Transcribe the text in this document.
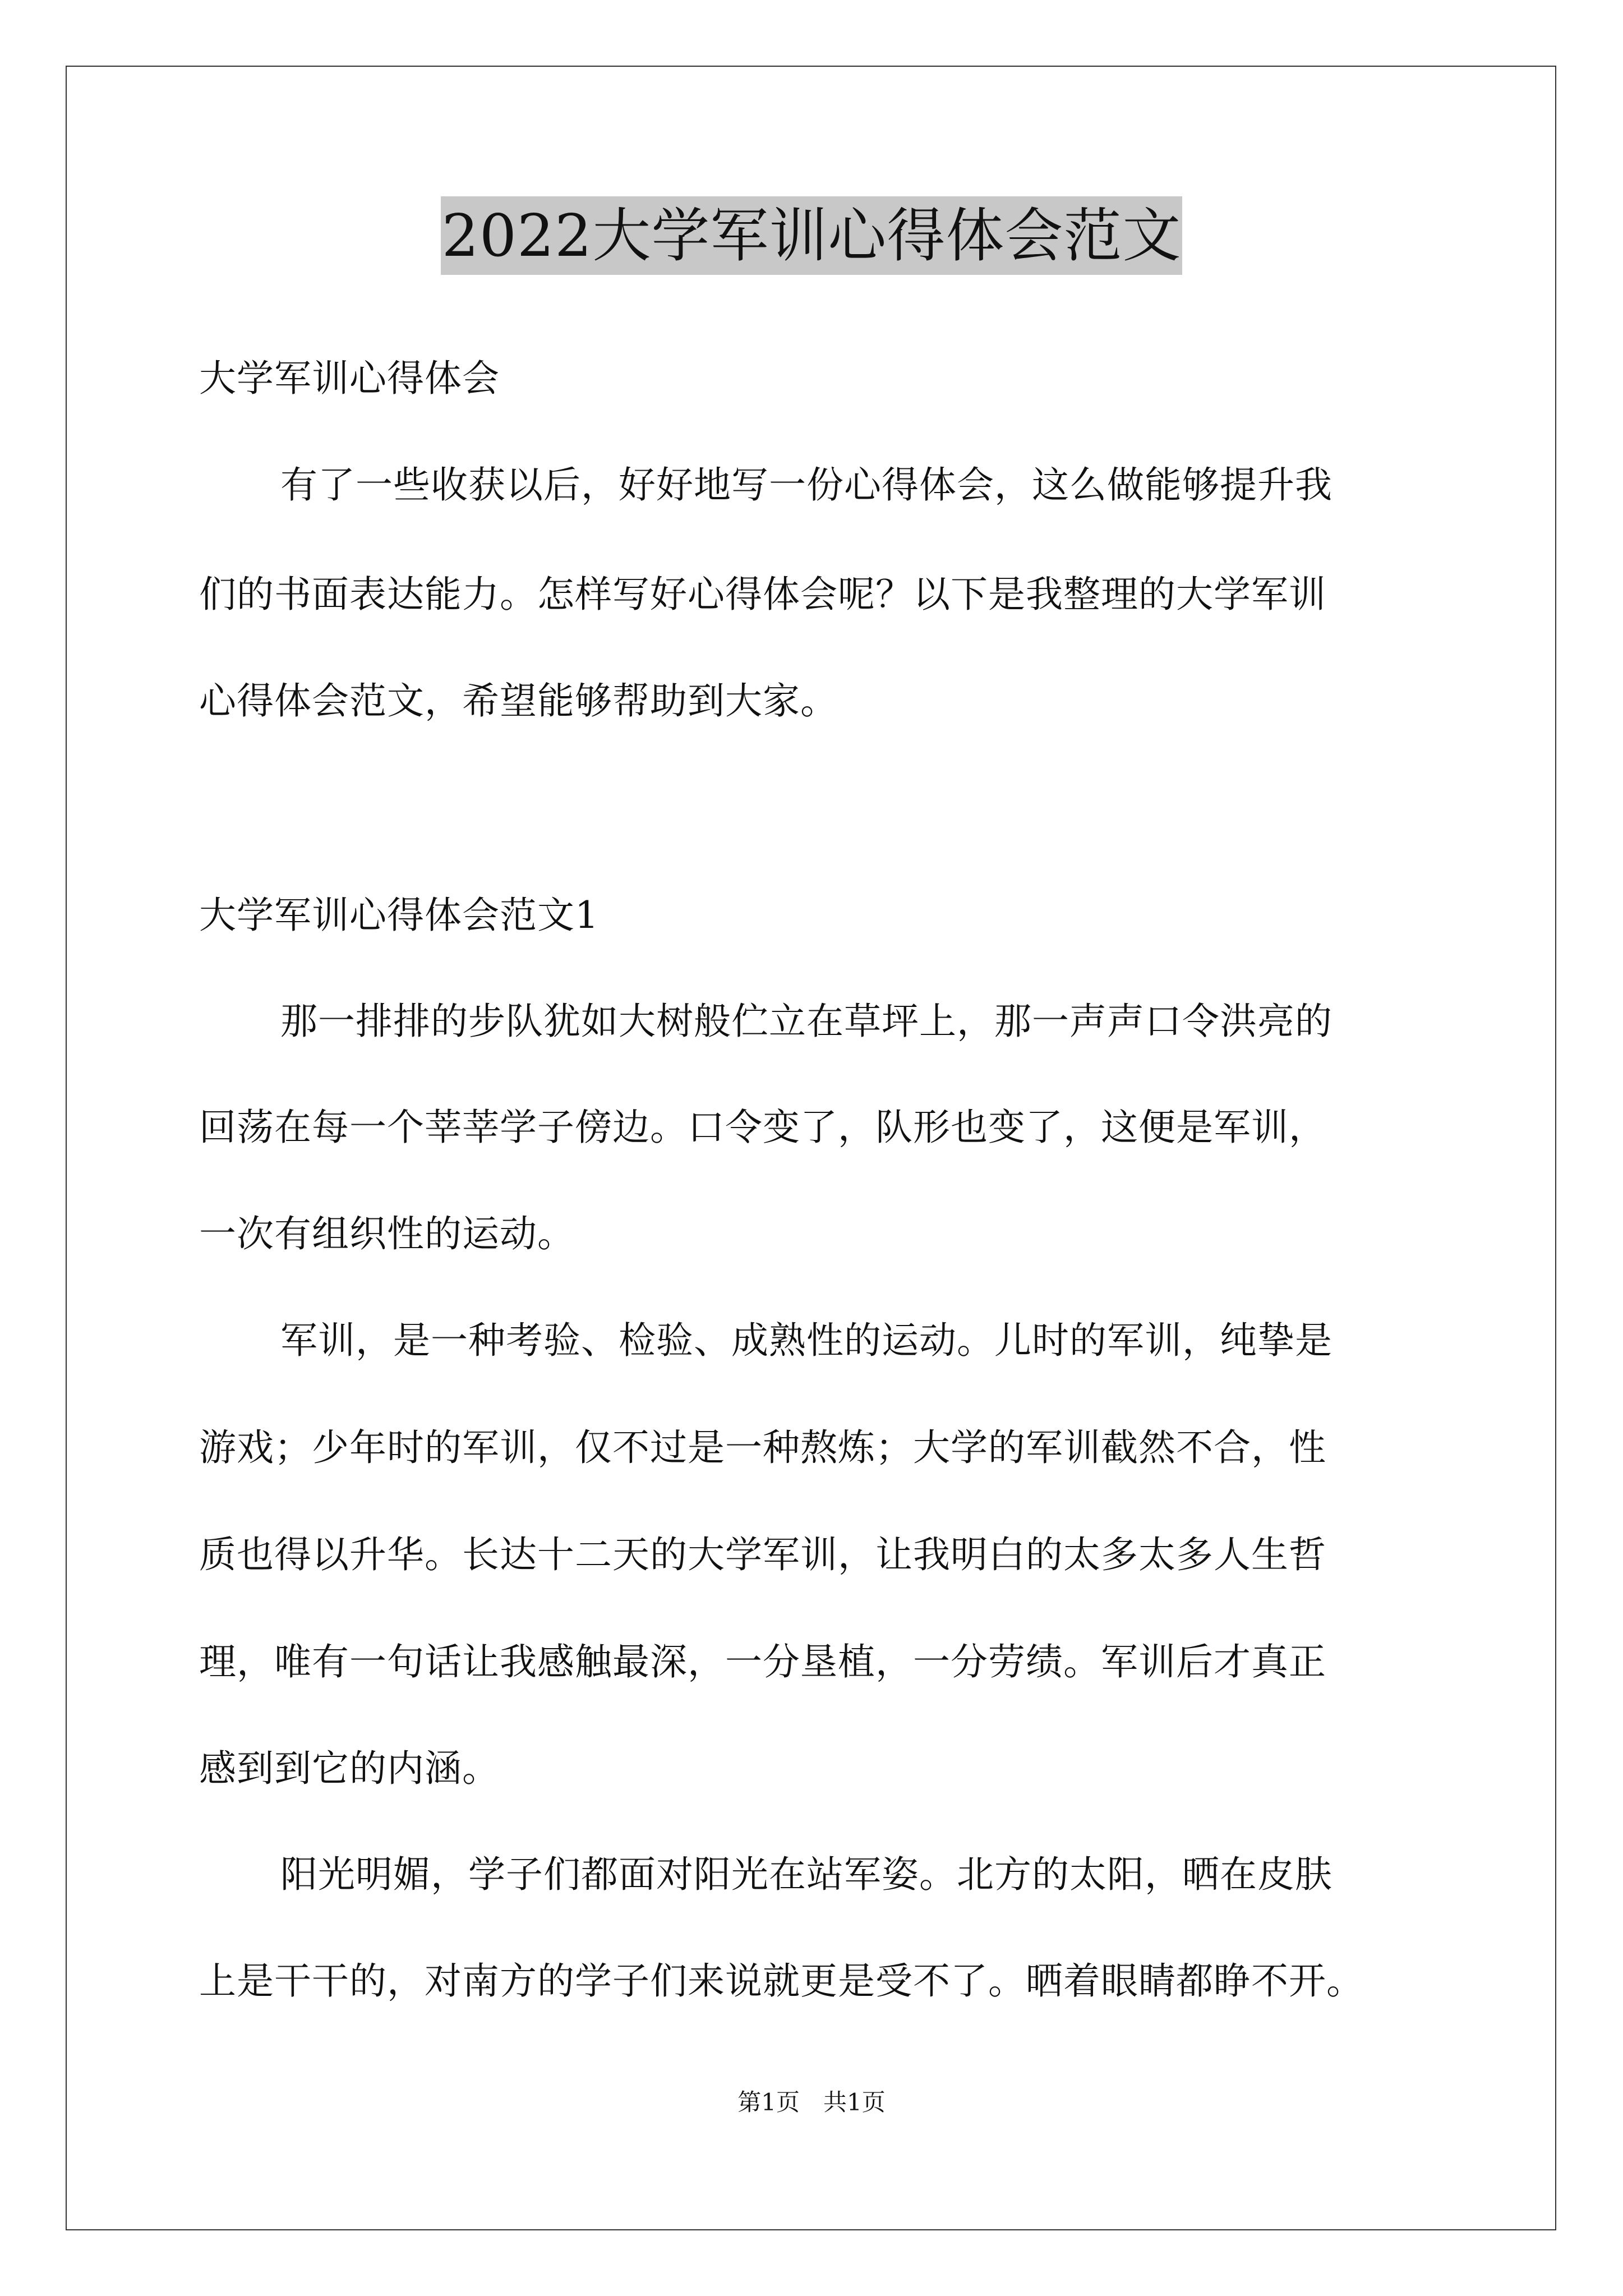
2022大学军训心得体会范文
大学军训心得体会
有了一些收获以后，好好地写一份心得体会，这么做能够提升我
们的书面表达能力。怎样写好心得体会呢？以下是我整理的大学军训
心得体会范文，希望能够帮助到大家。
大学军训心得体会范文1
那一排排的步队犹如大树般伫立在草坪上，那一声声口令洪亮的
回荡在每一个莘莘学子傍边。口令变了，队形也变了，这便是军训，
一次有组织性的运动。
军训，是一种考验、检验、成熟性的运动。儿时的军训，纯挚是
游戏；少年时的军训，仅不过是一种熬炼；大学的军训截然不合，性
质也得以升华。长达十二天的大学军训，让我明白的太多太多人生哲
理，唯有一句话让我感触最深，一分垦植，一分劳绩。军训后才真正
感到到它的内涵。
阳光明媚，学子们都面对阳光在站军姿。北方的太阳，晒在皮肤
上是干干的，对南方的学子们来说就更是受不了。晒着眼睛都睁不开。
第1页　共1页
